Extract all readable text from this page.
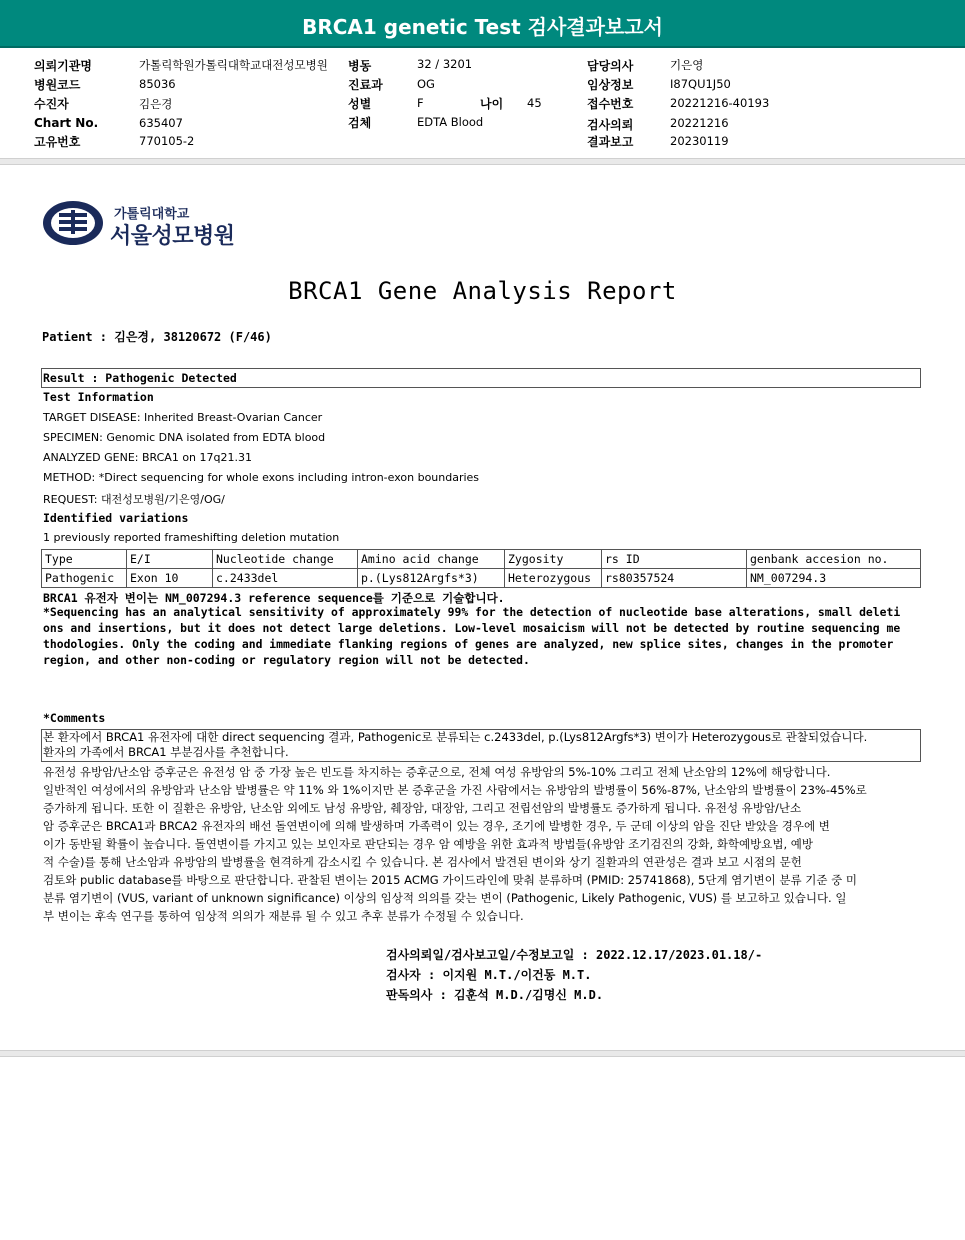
BRCA1 genetic Test 검사결과보고서
의뢰기관명	가톨릭학원가톨릭대학교대전성모병원
병원코드	85036
수진자	김은경
Chart No.	635407
고유번호	770105-2
병동	32 / 3201
진료과	OG
성별	F	나이 45
검체	EDTA Blood
담당의사	기은영
임상정보	I87QU1J50
접수번호	20221216-40193
검사의뢰	20221216
결과보고	20230119
가톨릭대학교
서울성모병원
BRCA1 Gene Analysis Report
Patient : 김은경, 38120672 (F/46)
Result : Pathogenic Detected
Test Information
TARGET DISEASE: Inherited Breast-Ovarian Cancer
SPECIMEN: Genomic DNA isolated from EDTA blood
ANALYZED GENE: BRCA1 on 17q21.31
METHOD: *Direct sequencing for whole exons including intron-exon boundaries
REQUEST: 대전성모병원/기은영/OG/
Identified variations
1 previously reported frameshifting deletion mutation
Type	E/I	Nucleotide change	Amino acid change	Zygosity	rs ID	genbank accesion no.
Pathogenic	Exon 10	c.2433del	p.(Lys812Argfs*3)	Heterozygous	rs80357524	NM_007294.3
BRCA1 유전자 변이는 NM_007294.3 reference sequence를 기준으로 기술합니다.
*Sequencing has an analytical sensitivity of approximately 99% for the detection of nucleotide base alterations, small deleti
ons and insertions, but it does not detect large deletions. Low-level mosaicism will not be detected by routine sequencing me
thodologies. Only the coding and immediate flanking regions of genes are analyzed, new splice sites, changes in the promoter
region, and other non-coding or regulatory region will not be detected.
*Comments
본 환자에서 BRCA1 유전자에 대한 direct sequencing 결과, Pathogenic로 분류되는 c.2433del, p.(Lys812Argfs*3) 변이가 Heterozygous로 관찰되었습니다.
환자의 가족에서 BRCA1 부분검사를 추천합니다.
유전성 유방암/난소암 증후군은 유전성 암 중 가장 높은 빈도를 차지하는 증후군으로, 전체 여성 유방암의 5%-10% 그리고 전체 난소암의 12%에 해당합니다.
일반적인 여성에서의 유방암과 난소암 발병률은 약 11% 와 1%이지만 본 증후군을 가진 사람에서는 유방암의 발병률이 56%-87%, 난소암의 발병률이 23%-45%로
증가하게 됩니다. 또한 이 질환은 유방암, 난소암 외에도 남성 유방암, 췌장암, 대장암, 그리고 전립선암의 발병률도 증가하게 됩니다. 유전성 유방암/난소
암 증후군은 BRCA1과 BRCA2 유전자의 배선 돌연변이에 의해 발생하며 가족력이 있는 경우, 조기에 발병한 경우, 두 군데 이상의 암을 진단 받았을 경우에 변
이가 동반될 확률이 높습니다. 돌연변이를 가지고 있는 보인자로 판단되는 경우 암 예방을 위한 효과적 방법들(유방암 조기검진의 강화, 화학예방요법, 예방
적 수술)를 통해 난소암과 유방암의 발병률을 현격하게 감소시킬 수 있습니다. 본 검사에서 발견된 변이와 상기 질환과의 연관성은 결과 보고 시점의 문헌
검토와 public database를 바탕으로 판단합니다. 관찰된 변이는 2015 ACMG 가이드라인에 맞춰 분류하며 (PMID: 25741868), 5단계 염기변이 분류 기준 중 미
분류 염기변이 (VUS, variant of unknown significance) 이상의 임상적 의의를 갖는 변이 (Pathogenic, Likely Pathogenic, VUS) 를 보고하고 있습니다. 일
부 변이는 후속 연구를 통하여 임상적 의의가 재분류 될 수 있고 추후 분류가 수정될 수 있습니다.
검사의뢰일/검사보고일/수정보고일 : 2022.12.17/2023.01.18/-
검사자 : 이지원 M.T./이건동 M.T.
판독의사 : 김훈석 M.D./김명신 M.D.
